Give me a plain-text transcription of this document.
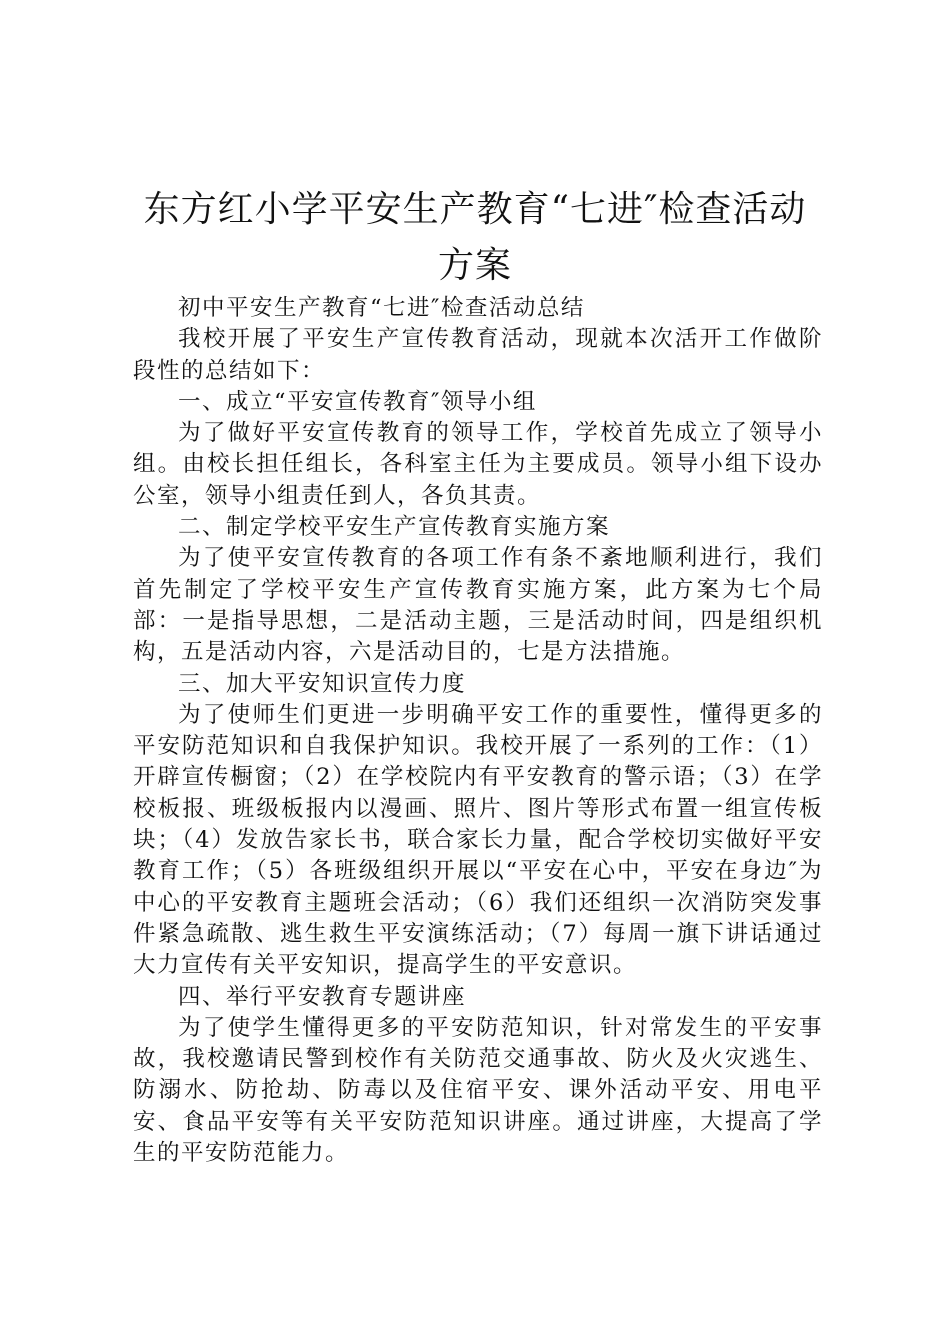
东方红小学平安生产教育“七进″检查活动方案

初中平安生产教育“七进″检查活动总结

我校开展了平安生产宣传教育活动，现就本次活开工作做阶段性的总结如下：

一、成立“平安宣传教育″领导小组

为了做好平安宣传教育的领导工作，学校首先成立了领导小组。由校长担任组长，各科室主任为主要成员。领导小组下设办公室，领导小组责任到人，各负其责。

二、制定学校平安生产宣传教育实施方案

为了使平安宣传教育的各项工作有条不紊地顺利进行，我们首先制定了学校平安生产宣传教育实施方案，此方案为七个局部：一是指导思想，二是活动主题，三是活动时间，四是组织机构，五是活动内容，六是活动目的，七是方法措施。

三、加大平安知识宣传力度

为了使师生们更进一步明确平安工作的重要性，懂得更多的平安防范知识和自我保护知识。我校开展了一系列的工作：（1）开辟宣传橱窗；（2）在学校院内有平安教育的警示语；（3）在学校板报、班级板报内以漫画、照片、图片等形式布置一组宣传板块；（4）发放告家长书，联合家长力量，配合学校切实做好平安教育工作；（5）各班级组织开展以“平安在心中，平安在身边″为中心的平安教育主题班会活动；（6）我们还组织一次消防突发事件紧急疏散、逃生救生平安演练活动；（7）每周一旗下讲话通过大力宣传有关平安知识，提高学生的平安意识。

四、举行平安教育专题讲座

为了使学生懂得更多的平安防范知识，针对常发生的平安事故，我校邀请民警到校作有关防范交通事故、防火及火灾逃生、防溺水、防抢劫、防毒以及住宿平安、课外活动平安、用电平安、食品平安等有关平安防范知识讲座。通过讲座，大提高了学生的平安防范能力。
